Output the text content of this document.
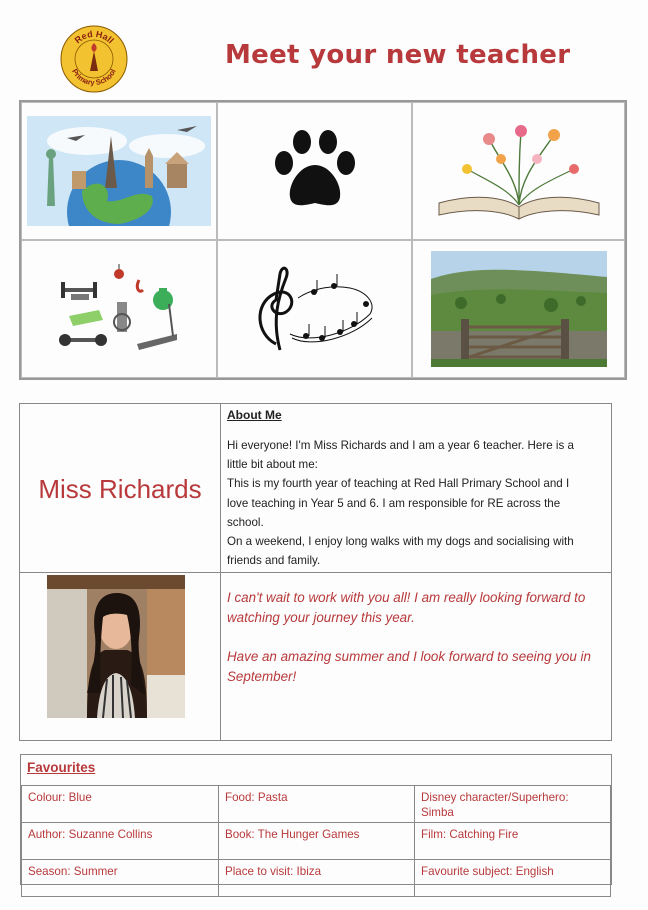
Red Hall
Primary School
Meet your new teacher
Miss Richards
About Me
Hi everyone! I'm Miss Richards and I am a year 6 teacher. Here is a
little bit about me:
This is my fourth year of teaching at Red Hall Primary School and I
love teaching in Year 5 and 6. I am responsible for RE across the
school.
On a weekend, I enjoy long walks with my dogs and socialising with
friends and family.

I can't wait to work with you all! I am really looking forward to watching your journey this year.

Have an amazing summer and I look forward to seeing you in September!

Favourites
Colour: Blue	Food: Pasta	Disney character/Superhero: Simba
Author: Suzanne Collins	Book: The Hunger Games	Film: Catching Fire
Season: Summer	Place to visit: Ibiza	Favourite subject: English
